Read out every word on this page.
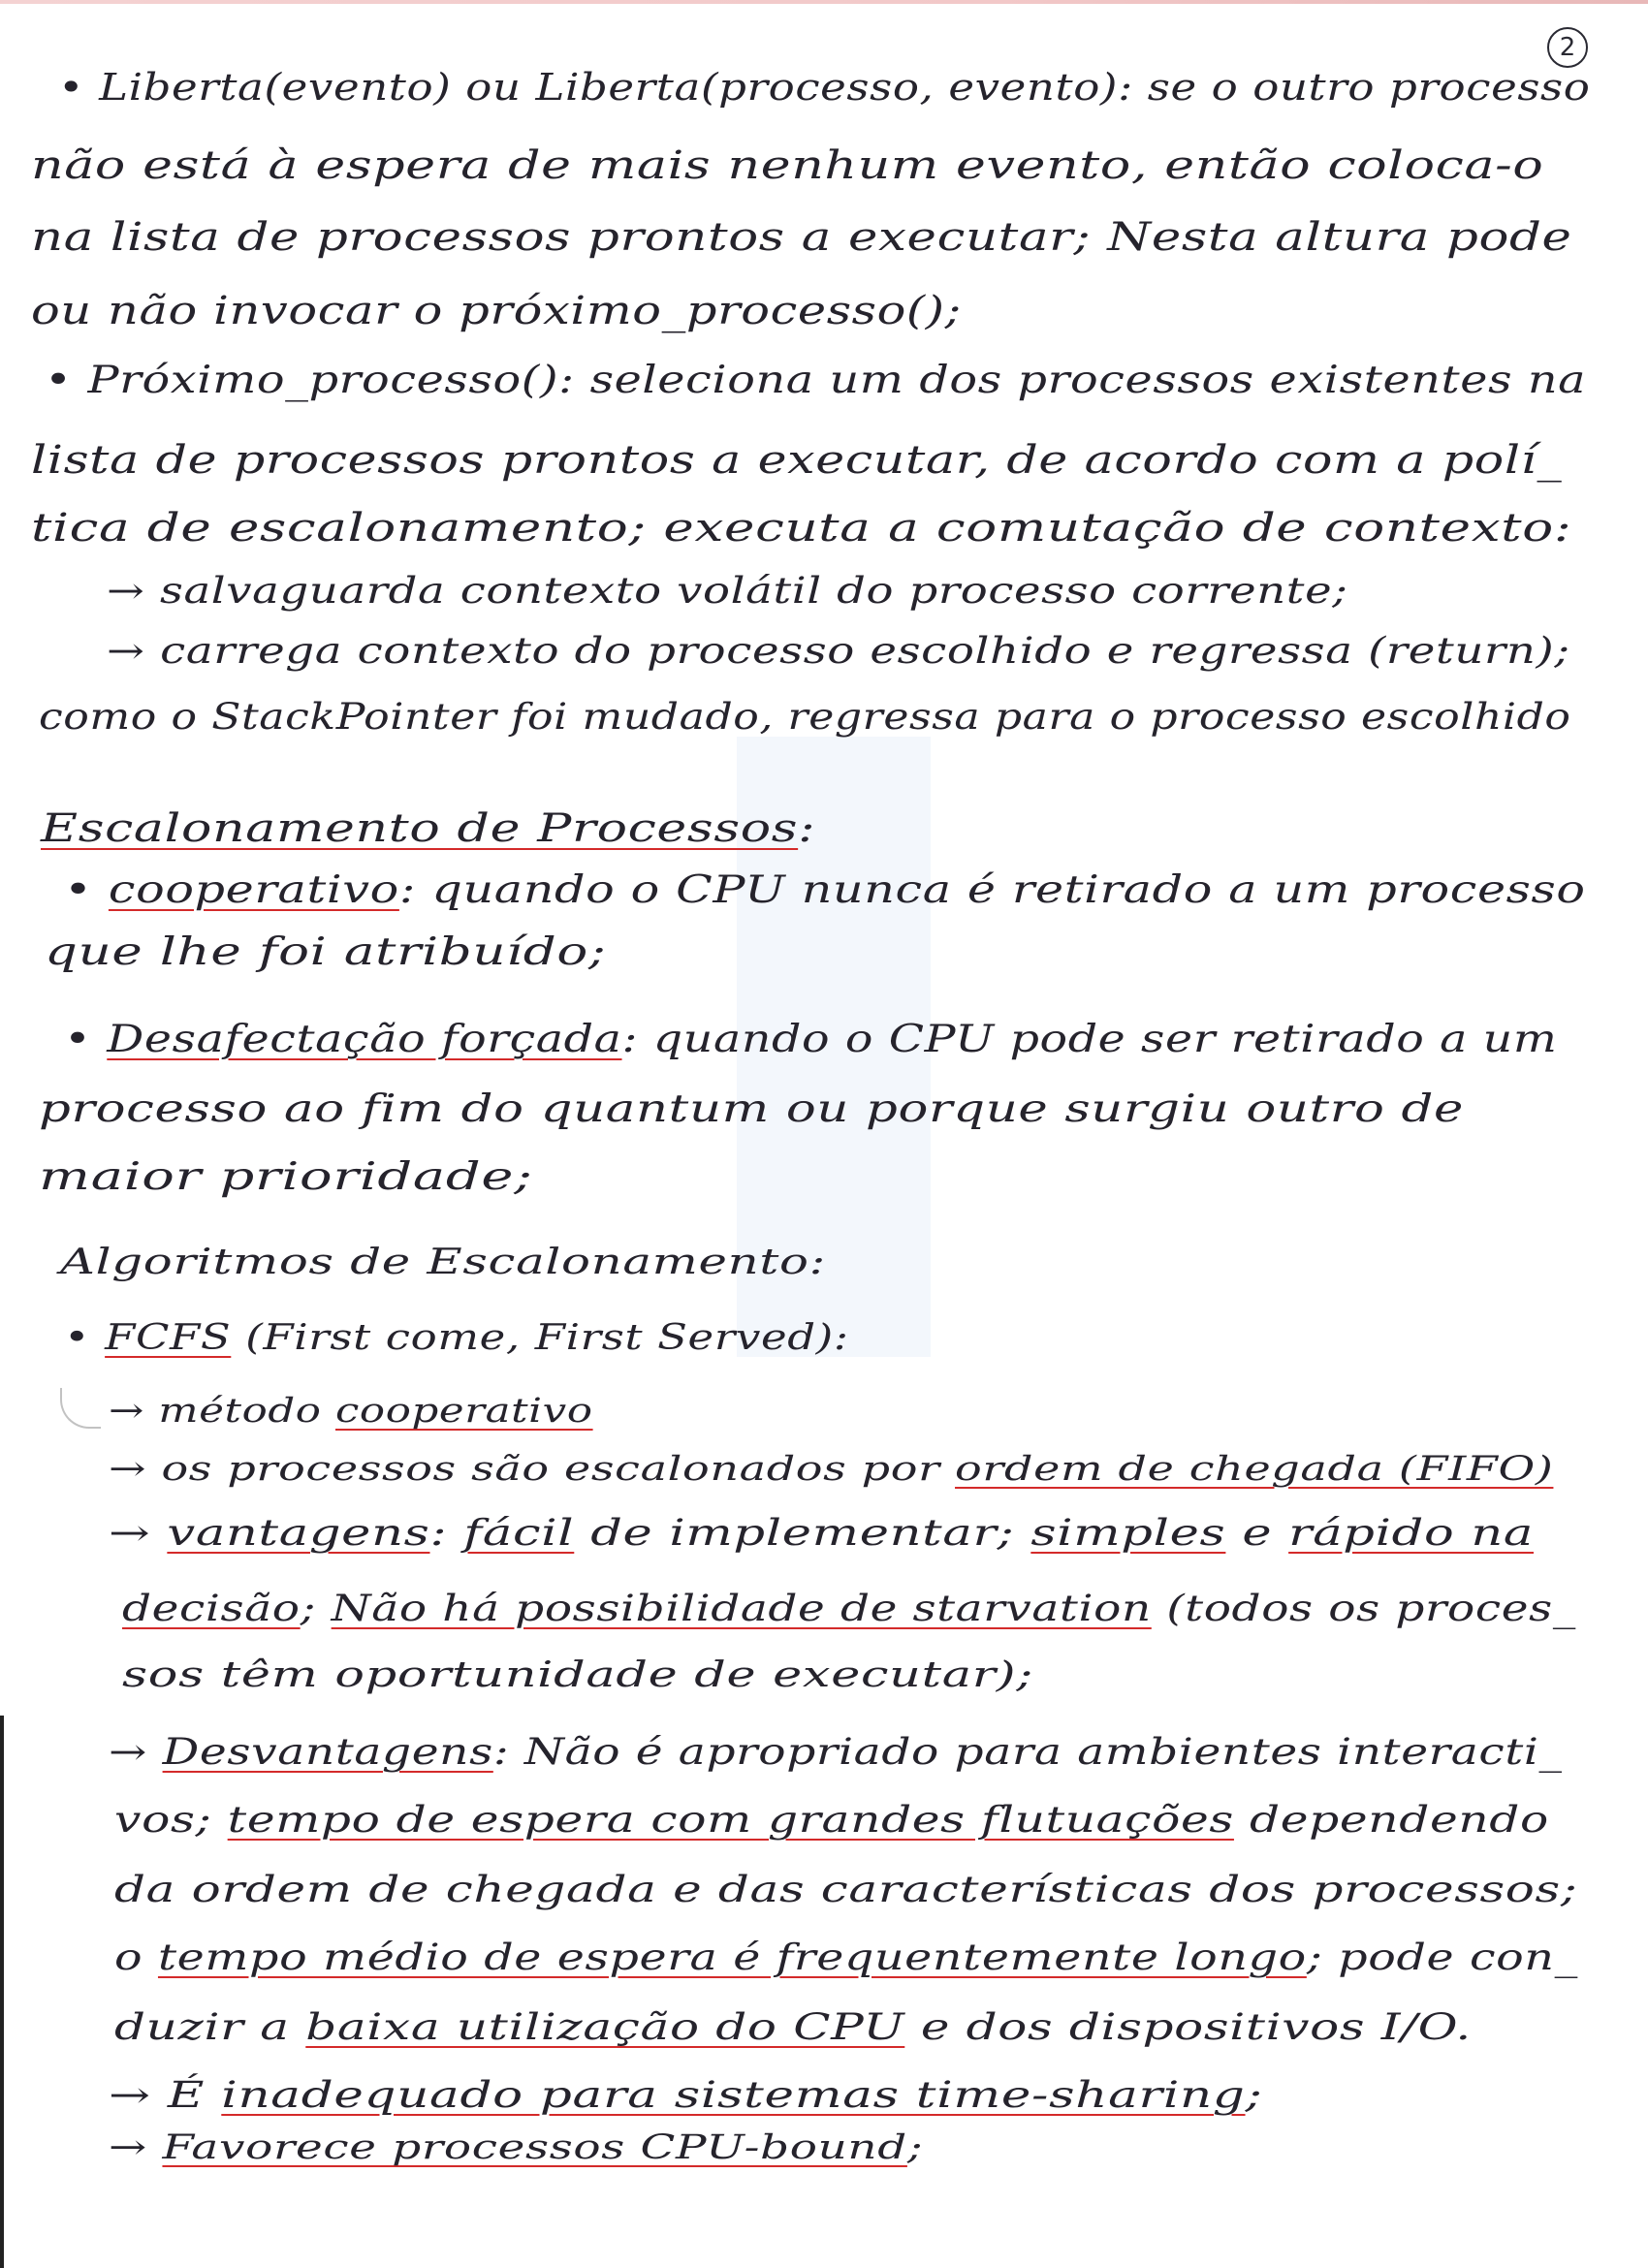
2
• Liberta(evento) ou Liberta(processo, evento): se o outro processo
não está à espera de mais nenhum evento, então coloca-o
na lista de processos prontos a executar; Nesta altura pode
ou não invocar o próximo_processo();
• Próximo_processo(): seleciona um dos processos existentes na
lista de processos prontos a executar, de acordo com a polí_
tica de escalonamento; executa a comutação de contexto:
→ salvaguarda contexto volátil do processo corrente;
→ carrega contexto do processo escolhido e regressa (return);
como o StackPointer foi mudado, regressa para o processo escolhido
Escalonamento de Processos:
• cooperativo: quando o CPU nunca é retirado a um processo
que lhe foi atribuído;
• Desafectação forçada: quando o CPU pode ser retirado a um
processo ao fim do quantum ou porque surgiu outro de
maior prioridade;
Algoritmos de Escalonamento:
• FCFS (First come, First Served):
→ método cooperativo
→ os processos são escalonados por ordem de chegada (FIFO)
→ vantagens: fácil de implementar; simples e rápido na
decisão; Não há possibilidade de starvation (todos os proces_
sos têm oportunidade de executar);
→ Desvantagens: Não é apropriado para ambientes interacti_
vos; tempo de espera com grandes flutuações dependendo
da ordem de chegada e das características dos processos;
o tempo médio de espera é frequentemente longo; pode con_
duzir a baixa utilização do CPU e dos dispositivos I/O.
→ É inadequado para sistemas time-sharing;
→ Favorece processos CPU-bound;
